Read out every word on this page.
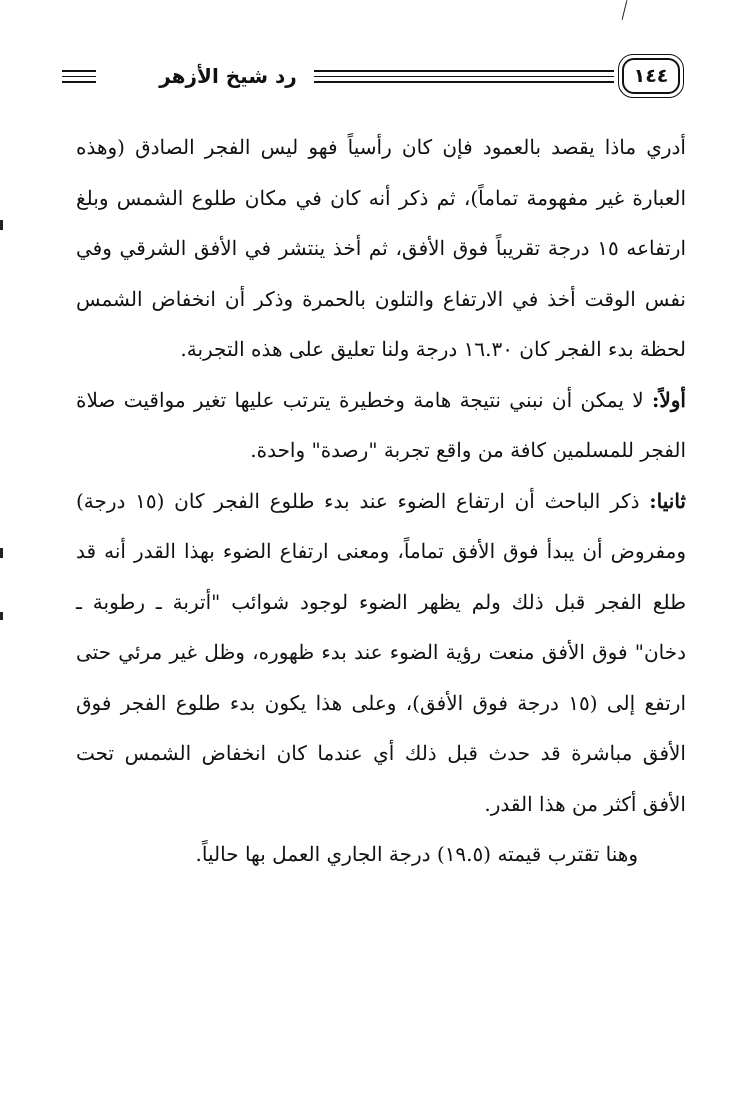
رد شيخ الأزهر	١٤٤

أدري ماذا يقصد بالعمود فإن كان رأسياً فهو ليس الفجر الصادق (وهذه العبارة غير مفهومة تماماً)، ثم ذكر أنه كان في مكان طلوع الشمس وبلغ ارتفاعه ١٥ درجة تقريباً فوق الأفق، ثم أخذ ينتشر في الأفق الشرقي وفي نفس الوقت أخذ في الارتفاع والتلون بالحمرة وذكر أن انخفاض الشمس لحظة بدء الفجر كان ١٦.٣٠ درجة ولنا تعليق على هذه التجربة.

أولاً: لا يمكن أن نبني نتيجة هامة وخطيرة يترتب عليها تغير مواقيت صلاة الفجر للمسلمين كافة من واقع تجربة "رصدة" واحدة.

ثانيا: ذكر الباحث أن ارتفاع الضوء عند بدء طلوع الفجر كان (١٥ درجة) ومفروض أن يبدأ فوق الأفق تماماً، ومعنى ارتفاع الضوء بهذا القدر أنه قد طلع الفجر قبل ذلك ولم يظهر الضوء لوجود شوائب "أتربة ـ رطوبة ـ دخان" فوق الأفق منعت رؤية الضوء عند بدء ظهوره، وظل غير مرئي حتى ارتفع إلى (١٥ درجة فوق الأفق)، وعلى هذا يكون بدء طلوع الفجر فوق الأفق مباشرة قد حدث قبل ذلك أي عندما كان انخفاض الشمس تحت الأفق أكثر من هذا القدر.

وهنا تقترب قيمته (١٩.٥) درجة الجاري العمل بها حالياً.
